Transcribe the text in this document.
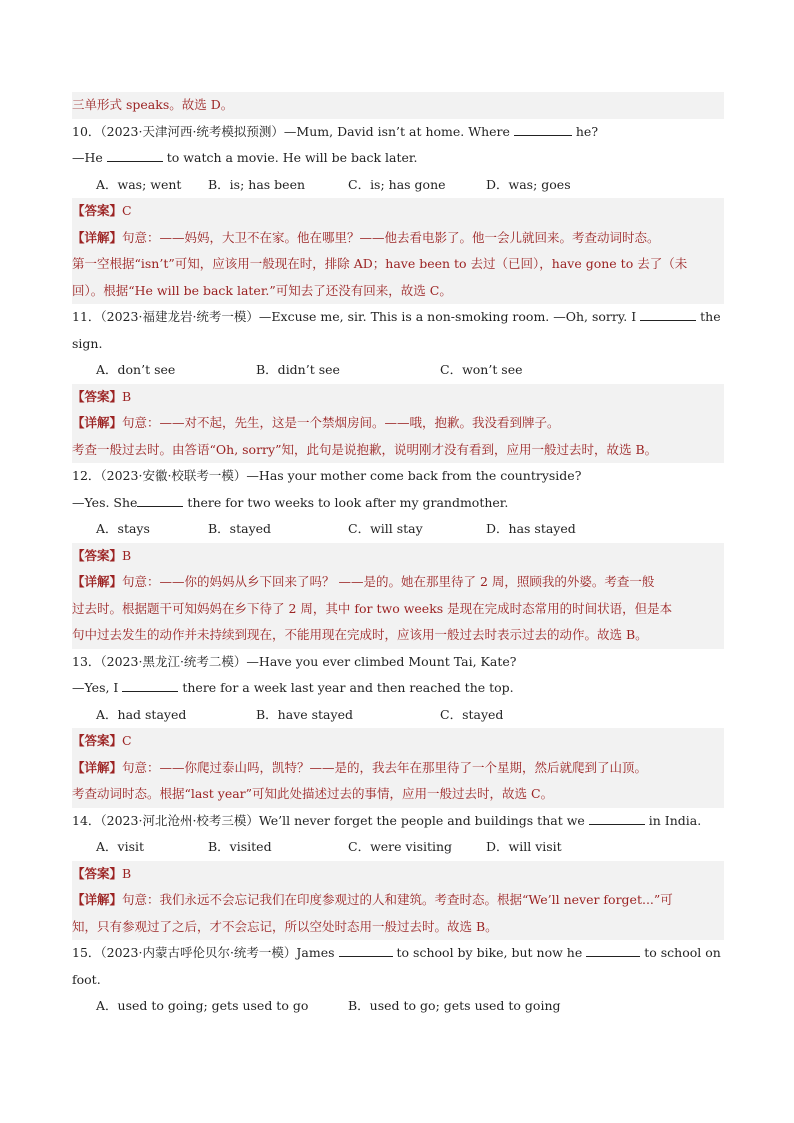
三单形式 speaks。故选 D。
10．（2023·天津河西·统考模拟预测）—Mum, David isn’t at home. Where	he?
—He	to watch a movie. He will be back later.
A．was; went	B．is; has been	C．is; has gone	D．was; goes
【答案】C
【详解】句意：——妈妈，大卫不在家。他在哪里？——他去看电影了。他一会儿就回来。考查动词时态。
第一空根据“isn’t”可知，应该用一般现在时，排除 AD；have been to 去过（已回），have gone to 去了（未
回）。根据“He will be back later.”可知去了还没有回来，故选 C。
11．（2023·福建龙岩·统考一模）—Excuse me, sir. This is a non-smoking room. —Oh, sorry. I	the
sign.
A．don’t see	B．didn’t see	C．won’t see
【答案】B
【详解】句意：——对不起，先生，这是一个禁烟房间。——哦，抱歉。我没看到牌子。
考查一般过去时。由答语“Oh, sorry”知，此句是说抱歉，说明刚才没有看到，应用一般过去时，故选 B。
12．（2023·安徽·校联考一模）—Has your mother come back from the countryside?
—Yes. She	there for two weeks to look after my grandmother.
A．stays	B．stayed	C．will stay	D．has stayed
【答案】B
【详解】句意：——你的妈妈从乡下回来了吗？ ——是的。她在那里待了 2 周，照顾我的外婆。考查一般
过去时。根据题干可知妈妈在乡下待了 2 周，其中 for two weeks 是现在完成时态常用的时间状语，但是本
句中过去发生的动作并未持续到现在，不能用现在完成时，应该用一般过去时表示过去的动作。故选 B。
13．（2023·黑龙江·统考二模）—Have you ever climbed Mount Tai, Kate?
—Yes, I	there for a week last year and then reached the top.
A．had stayed	B．have stayed	C．stayed
【答案】C
【详解】句意：——你爬过泰山吗，凯特？——是的，我去年在那里待了一个星期，然后就爬到了山顶。
考查动词时态。根据“last year”可知此处描述过去的事情，应用一般过去时，故选 C。
14．（2023·河北沧州·校考三模）We’ll never forget the people and buildings that we	in India.
A．visit	B．visited	C．were visiting	D．will visit
【答案】B
【详解】句意：我们永远不会忘记我们在印度参观过的人和建筑。考查时态。根据“We’ll never forget...”可
知，只有参观过了之后，才不会忘记，所以空处时态用一般过去时。故选 B。
15．（2023·内蒙古呼伦贝尔·统考一模）James	to school by bike, but now he	to school on
foot.
A．used to going; gets used to go	B．used to go; gets used to going
